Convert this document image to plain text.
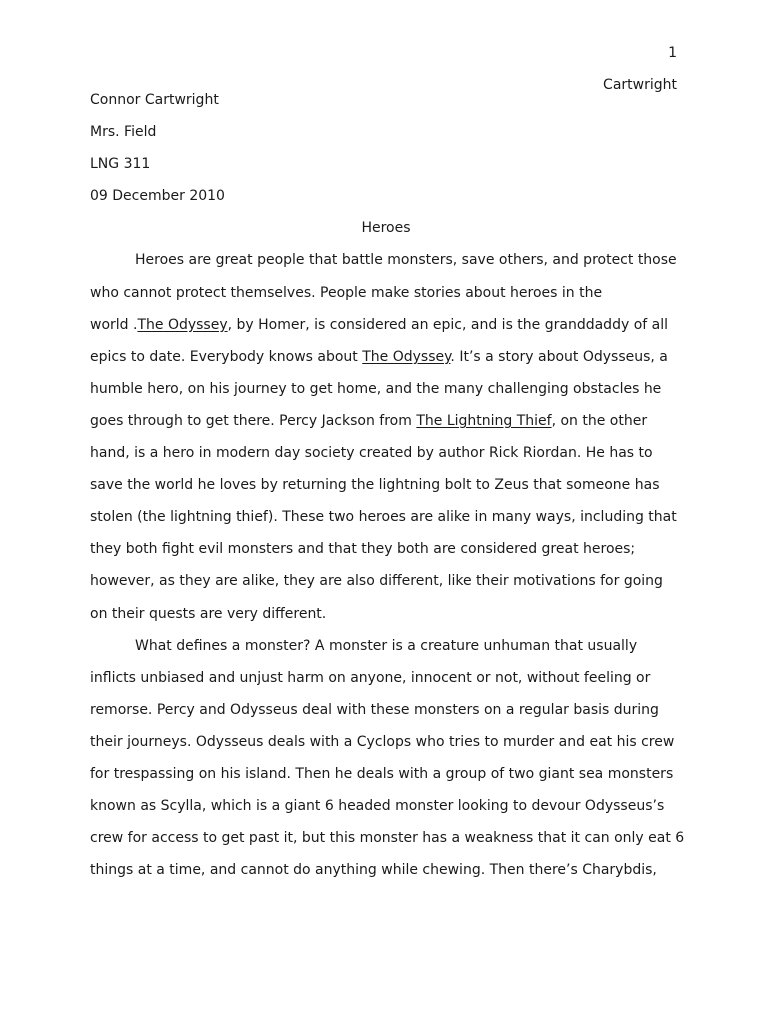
1
Cartwright
Connor Cartwright
Mrs. Field
LNG 311
09 December 2010
Heroes
Heroes are great people that battle monsters, save others, and protect those
who cannot protect themselves. People make stories about heroes in the
world .The Odyssey, by Homer, is considered an epic, and is the granddaddy of all
epics to date. Everybody knows about The Odyssey. It’s a story about Odysseus, a
humble hero, on his journey to get home, and the many challenging obstacles he
goes through to get there. Percy Jackson from The Lightning Thief, on the other
hand, is a hero in modern day society created by author Rick Riordan. He has to
save the world he loves by returning the lightning bolt to Zeus that someone has
stolen (the lightning thief). These two heroes are alike in many ways, including that
they both fight evil monsters and that they both are considered great heroes;
however, as they are alike, they are also different, like their motivations for going
on their quests are very different.
What defines a monster? A monster is a creature unhuman that usually
inflicts unbiased and unjust harm on anyone, innocent or not, without feeling or
remorse. Percy and Odysseus deal with these monsters on a regular basis during
their journeys. Odysseus deals with a Cyclops who tries to murder and eat his crew
for trespassing on his island. Then he deals with a group of two giant sea monsters
known as Scylla, which is a giant 6 headed monster looking to devour Odysseus’s
crew for access to get past it, but this monster has a weakness that it can only eat 6
things at a time, and cannot do anything while chewing. Then there’s Charybdis,
